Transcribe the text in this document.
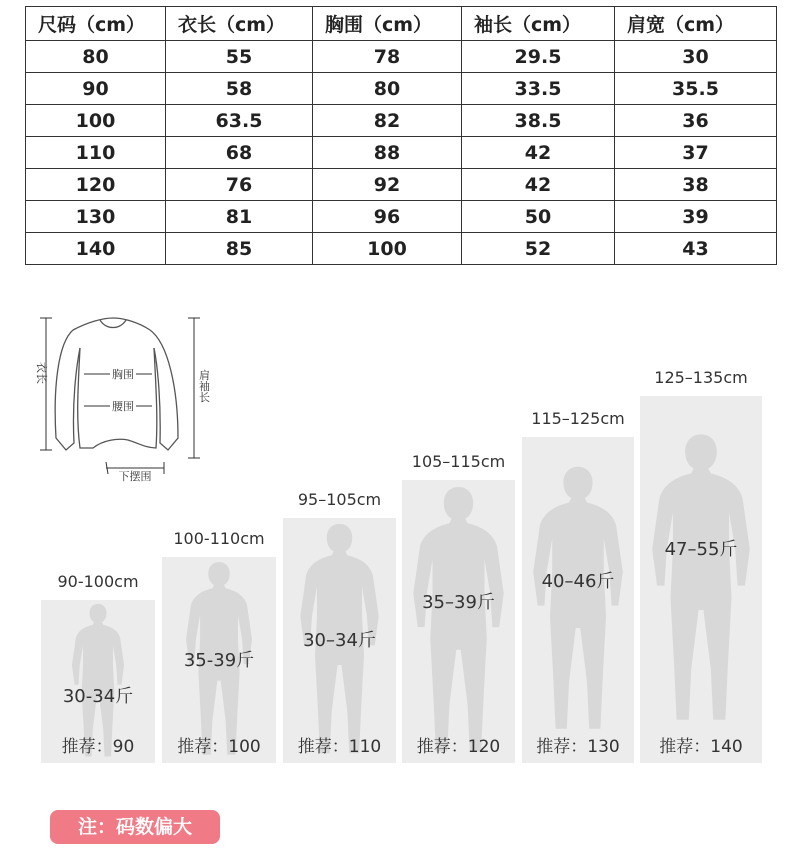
尺码（cm）	衣长（cm）	胸围（cm）	袖长（cm）	肩宽（cm）
80	55	78	29.5	30
90	58	80	33.5	35.5
100	63.5	82	38.5	36
110	68	88	42	37
120	76	92	42	38
130	81	96	50	39
140	85	100	52	43
衣长	肩袖长
胸围
腰围
下摆围
90-100cm
30-34斤
推荐：90
100-110cm
35-39斤
推荐：100
95–105cm
30–34斤
推荐：110
105–115cm
35–39斤
推荐：120
115–125cm
40–46斤
推荐：130
125–135cm
47–55斤
推荐：140
注：码数偏大
